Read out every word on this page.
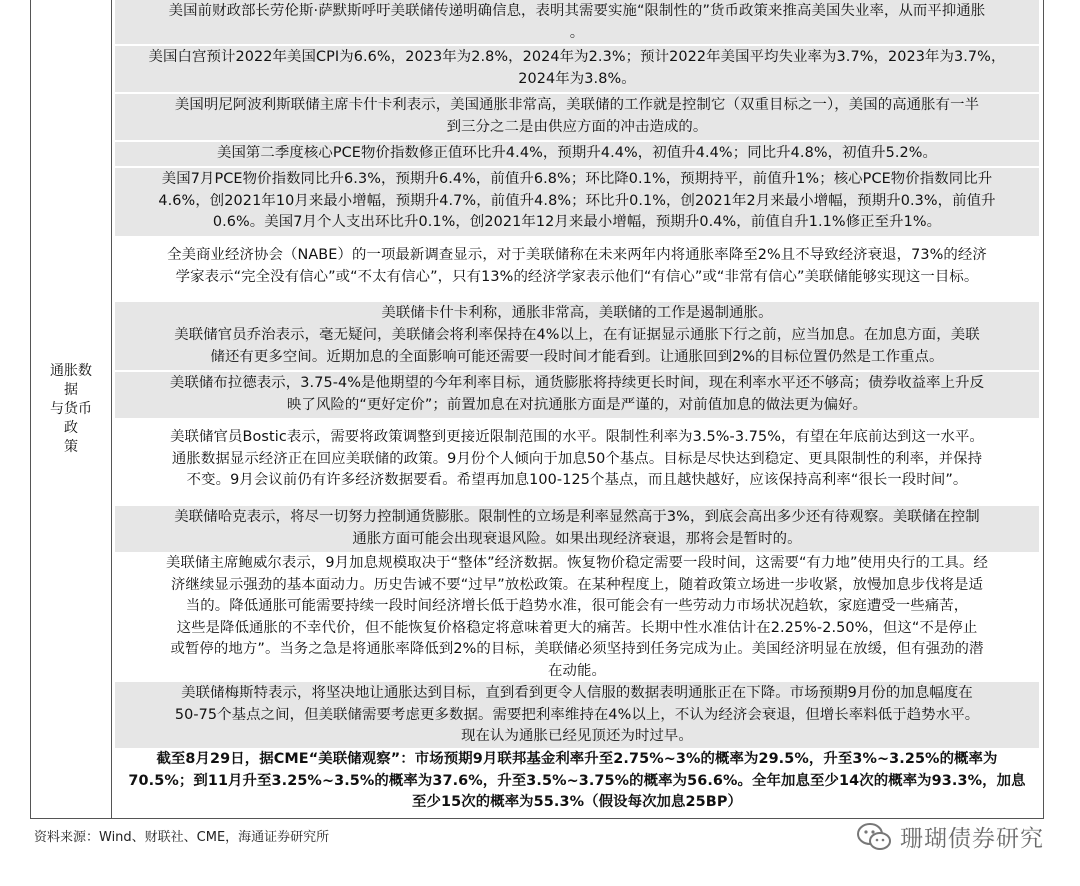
通胀数据
与货币政
策
美国前财政部长劳伦斯·萨默斯呼吁美联储传递明确信息，表明其需要实施“限制性的”货币政策来推高美国失业率，从而平抑通胀
。
美国白宫预计2022年美国CPI为6.6%，2023年为2.8%，2024年为2.3%；预计2022年美国平均失业率为3.7%，2023年为3.7%，
2024年为3.8%。
美国明尼阿波利斯联储主席卡什卡利表示，美国通胀非常高，美联储的工作就是控制它（双重目标之一），美国的高通胀有一半
到三分之二是由供应方面的冲击造成的。
美国第二季度核心PCE物价指数修正值环比升4.4%，预期升4.4%，初值升4.4%；同比升4.8%，初值升5.2%。
美国7月PCE物价指数同比升6.3%，预期升6.4%，前值升6.8%；环比降0.1%，预期持平，前值升1%；核心PCE物价指数同比升
4.6%，创2021年10月来最小增幅，预期升4.7%，前值升4.8%；环比升0.1%，创2021年2月来最小增幅，预期升0.3%，前值升
0.6%。美国7月个人支出环比升0.1%，创2021年12月来最小增幅，预期升0.4%，前值自升1.1%修正至升1%。
全美商业经济协会（NABE）的一项最新调查显示，对于美联储称在未来两年内将通胀率降至2%且不导致经济衰退，73%的经济
学家表示“完全没有信心”或“不太有信心”，只有13%的经济学家表示他们“有信心”或“非常有信心”美联储能够实现这一目标。
美联储卡什卡利称，通胀非常高，美联储的工作是遏制通胀。
美联储官员乔治表示，毫无疑问，美联储会将利率保持在4%以上，在有证据显示通胀下行之前，应当加息。在加息方面，美联
储还有更多空间。近期加息的全面影响可能还需要一段时间才能看到。让通胀回到2%的目标位置仍然是工作重点。
美联储布拉德表示，3.75-4%是他期望的今年利率目标，通货膨胀将持续更长时间，现在利率水平还不够高；债券收益率上升反
映了风险的“更好定价”；前置加息在对抗通胀方面是严谨的，对前值加息的做法更为偏好。
美联储官员Bostic表示，需要将政策调整到更接近限制范围的水平。限制性利率为3.5%-3.75%，有望在年底前达到这一水平。
通胀数据显示经济正在回应美联储的政策。9月份个人倾向于加息50个基点。目标是尽快达到稳定、更具限制性的利率，并保持
不变。9月会议前仍有许多经济数据要看。希望再加息100-125个基点，而且越快越好，应该保持高利率“很长一段时间”。
美联储哈克表示，将尽一切努力控制通货膨胀。限制性的立场是利率显然高于3%，到底会高出多少还有待观察。美联储在控制
通胀方面可能会出现衰退风险。如果出现经济衰退，那将会是暂时的。
美联储主席鲍威尔表示，9月加息规模取决于“整体”经济数据。恢复物价稳定需要一段时间，这需要“有力地”使用央行的工具。经
济继续显示强劲的基本面动力。历史告诫不要“过早”放松政策。在某种程度上，随着政策立场进一步收紧，放慢加息步伐将是适
当的。降低通胀可能需要持续一段时间经济增长低于趋势水准，很可能会有一些劳动力市场状况趋软，家庭遭受一些痛苦，
这些是降低通胀的不幸代价，但不能恢复价格稳定将意味着更大的痛苦。长期中性水准估计在2.25%-2.50%，但这“不是停止
或暂停的地方”。当务之急是将通胀率降低到2%的目标，美联储必须坚持到任务完成为止。美国经济明显在放缓，但有强劲的潜
在动能。
美联储梅斯特表示，将坚决地让通胀达到目标，直到看到更令人信服的数据表明通胀正在下降。市场预期9月份的加息幅度在
50-75个基点之间，但美联储需要考虑更多数据。需要把利率维持在4%以上，不认为经济会衰退，但增长率料低于趋势水平。
现在认为通胀已经见顶还为时过早。
截至8月29日，据CME“美联储观察”：市场预期9月联邦基金利率升至2.75%~3%的概率为29.5%，升至3%~3.25%的概率为
70.5%；到11月升至3.25%~3.5%的概率为37.6%，升至3.5%~3.75%的概率为56.6%。全年加息至少14次的概率为93.3%，加息
至少15次的概率为55.3%（假设每次加息25BP）
资料来源：Wind、财联社、CME，海通证券研究所	珊瑚债券研究
